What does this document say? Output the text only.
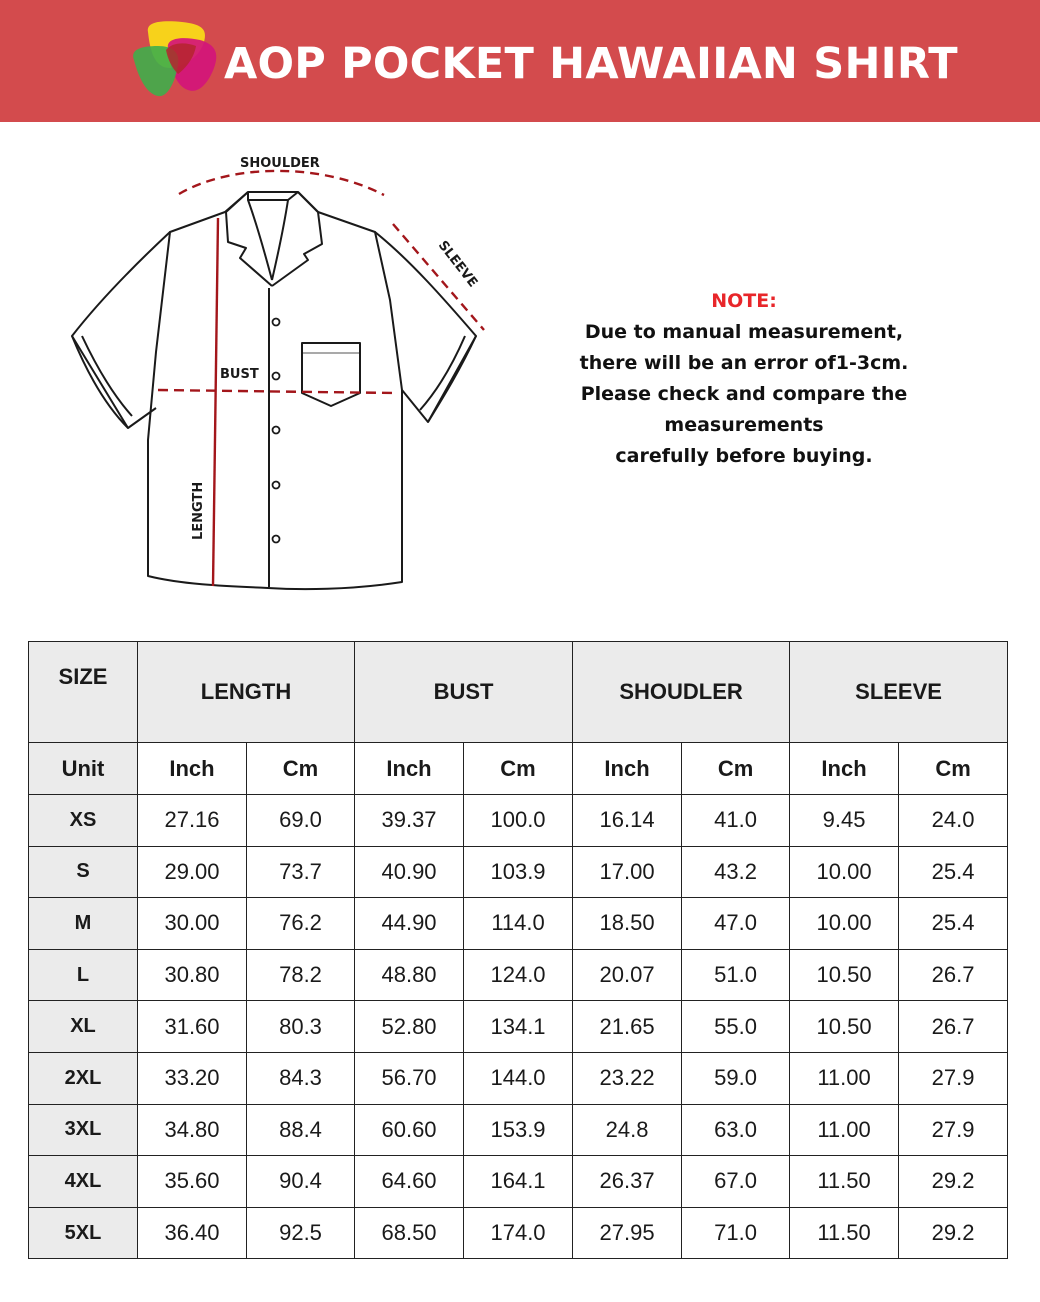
AOP POCKET HAWAIIAN SHIRT
SHOULDER
BUST
LENGTH
SLEEVE
NOTE:
Due to manual measurement,
there will be an error of1-3cm.
Please check and compare the measurements
carefully before buying.
SIZE	LENGTH		BUST		SHOUDLER		SLEEVE	
Unit	Inch	Cm	Inch	Cm	Inch	Cm	Inch	Cm
XS	27.16	69.0	39.37	100.0	16.14	41.0	9.45	24.0
S	29.00	73.7	40.90	103.9	17.00	43.2	10.00	25.4
M	30.00	76.2	44.90	114.0	18.50	47.0	10.00	25.4
L	30.80	78.2	48.80	124.0	20.07	51.0	10.50	26.7
XL	31.60	80.3	52.80	134.1	21.65	55.0	10.50	26.7
2XL	33.20	84.3	56.70	144.0	23.22	59.0	11.00	27.9
3XL	34.80	88.4	60.60	153.9	24.8	63.0	11.00	27.9
4XL	35.60	90.4	64.60	164.1	26.37	67.0	11.50	29.2
5XL	36.40	92.5	68.50	174.0	27.95	71.0	11.50	29.2
